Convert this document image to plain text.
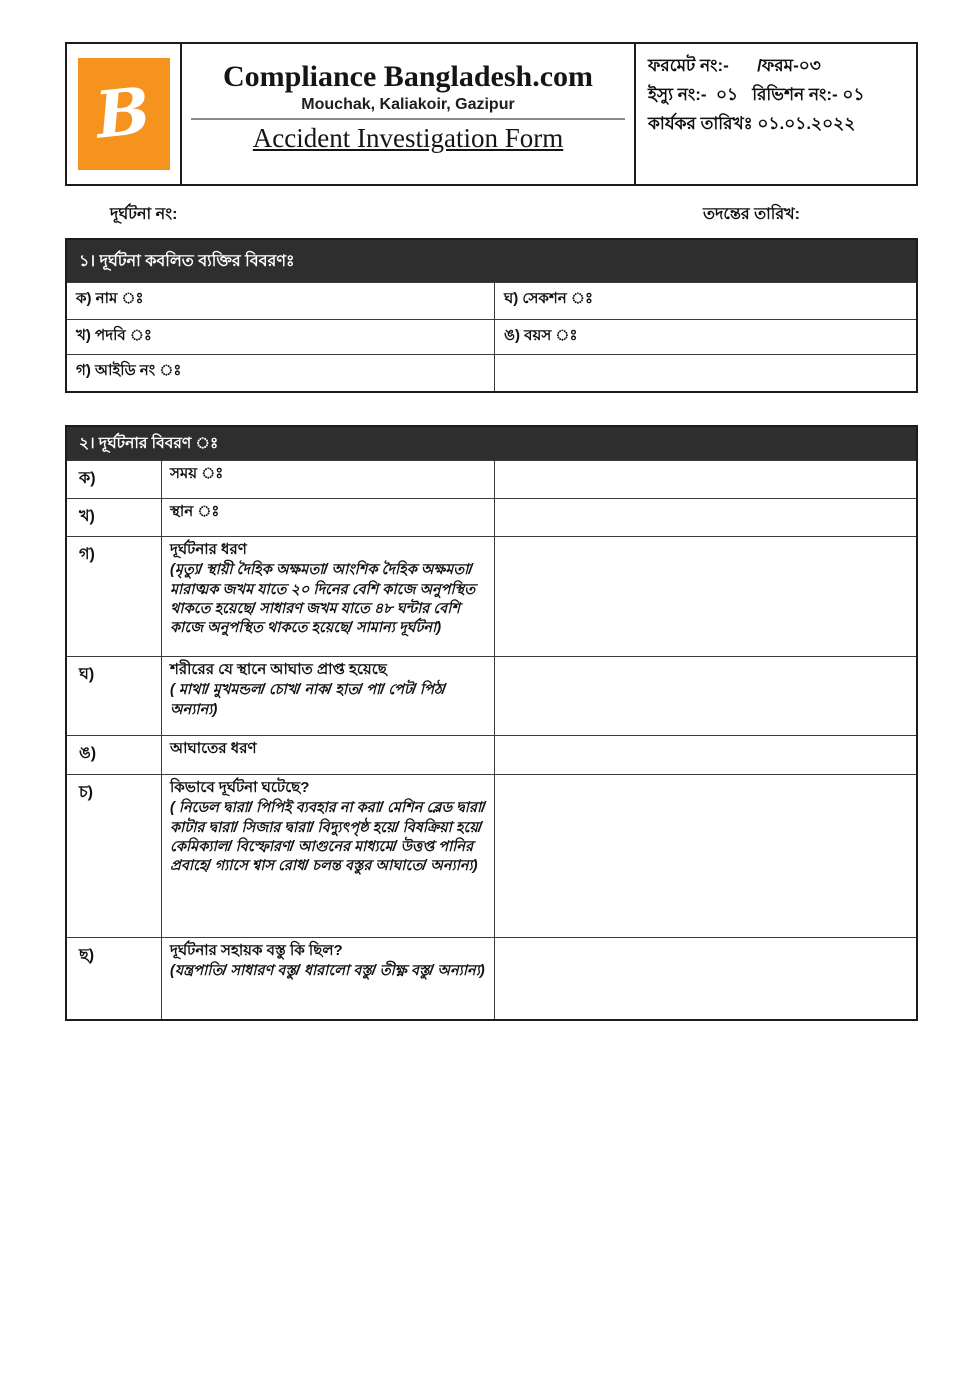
B Compliance Bangladesh.com
Mouchak, Kaliakoir, Gazipur
Accident Investigation Form
ফরমেট নং:-      /ফরম-০৩
ইস্যু নং:-  ০১   রিভিশন নং:- ০১
কার্যকর তারিখঃ ০১.০১.২০২২
দূর্ঘটনা নং:	তদন্তের তারিখ:
১। দূর্ঘটনা কবলিত ব্যক্তির বিবরণঃ
ক) নাম ঃ	ঘ) সেকশন ঃ
খ) পদবি ঃ	ঙ) বয়স ঃ
গ) আইডি নং ঃ
২। দূর্ঘটনার বিবরণ ঃ
ক)	সময় ঃ
খ)	স্থান ঃ
গ)	দূর্ঘটনার ধরণ
(মৃত্যু/ স্থায়ী দৈহিক অক্ষমতা/ আংশিক দৈহিক অক্ষমতা/ মারাত্মক জখম যাতে ২০ দিনের বেশি কাজে অনুপস্থিত থাকতে হয়েছে/ সাধারণ জখম যাতে ৪৮ ঘন্টার বেশি কাজে অনুপস্থিত থাকতে হয়েছে/ সামান্য দূর্ঘটনা)
ঘ)	শরীরের যে স্থানে আঘাত প্রাপ্ত হয়েছে
( মাথা/ মুখমন্ডল/ চোখ/ নাক/ হাত/ পা/ পেট/ পিঠ/ অন্যান্য)
ঙ)	আঘাতের ধরণ
চ)	কিভাবে দূর্ঘটনা ঘটেছে?
( নিডেল দ্বারা/ পিপিই ব্যবহার না করা/ মেশিন ব্লেড দ্বারা/ কাটার দ্বারা/ সিজার দ্বারা/ বিদ্যুৎপৃষ্ঠ হয়ে/ বিষক্রিয়া হয়ে/ কেমিক্যাল/ বিস্ফোরণ/ আগুনের মাধ্যমে/ উত্তপ্ত পানির প্রবাহে/ গ্যাসে শ্বাস রোধ/ চলন্ত বস্তুর আঘাতে/ অন্যান্য)
ছ)	দূর্ঘটনার সহায়ক বস্তু কি ছিল?
(যন্ত্রপাতি/ সাধারণ বস্তু/ ধারালো বস্তু/ তীক্ষ্ণ বস্তু/ অন্যান্য)
